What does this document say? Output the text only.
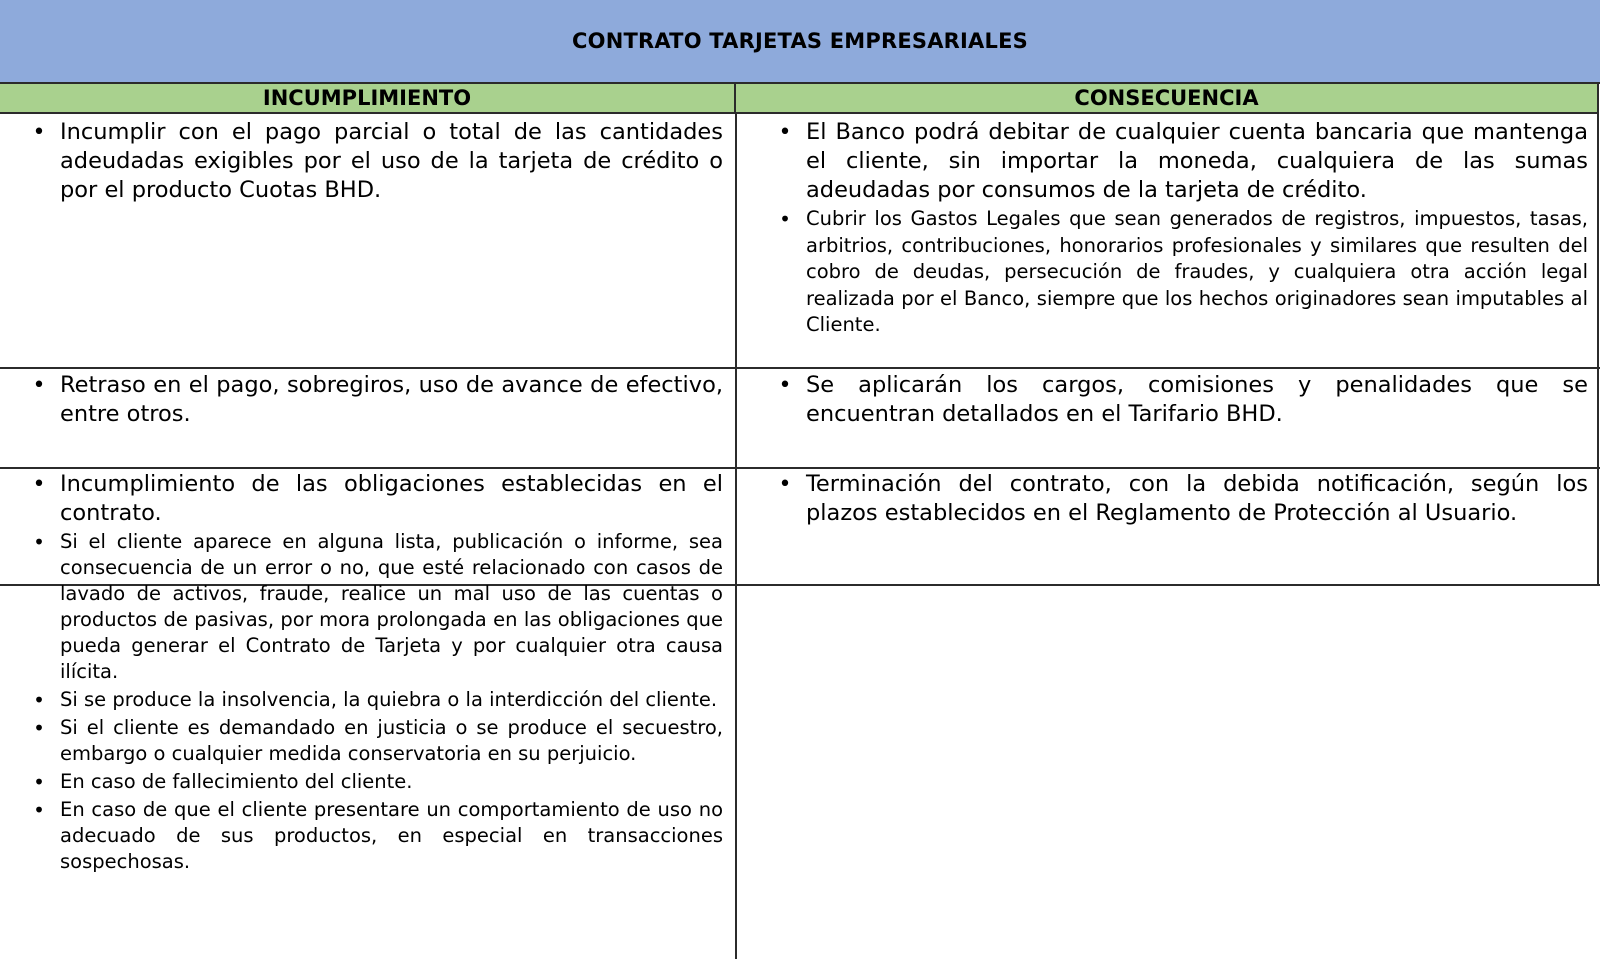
CONTRATO TARJETAS EMPRESARIALES
INCUMPLIMIENTO	CONSECUENCIA
• Incumplir con el pago parcial o total de las cantidades adeudadas exigibles por el uso de la tarjeta de crédito o por el producto Cuotas BHD.
• El Banco podrá debitar de cualquier cuenta bancaria que mantenga el cliente, sin importar la moneda, cualquiera de las sumas adeudadas por consumos de la tarjeta de crédito.
• Cubrir los Gastos Legales que sean generados de registros, impuestos, tasas, arbitrios, contribuciones, honorarios profesionales y similares que resulten del cobro de deudas, persecución de fraudes, y cualquiera otra acción legal realizada por el Banco, siempre que los hechos originadores sean imputables al Cliente.
• Retraso en el pago, sobregiros, uso de avance de efectivo, entre otros.
• Se aplicarán los cargos, comisiones y penalidades que se encuentran detallados en el Tarifario BHD.
• Incumplimiento de las obligaciones establecidas en el contrato.
• Si el cliente aparece en alguna lista, publicación o informe, sea consecuencia de un error o no, que esté relacionado con casos de lavado de activos, fraude, realice un mal uso de las cuentas o productos de pasivas, por mora prolongada en las obligaciones que pueda generar el Contrato de Tarjeta y por cualquier otra causa ilícita.
• Si se produce la insolvencia, la quiebra o la interdicción del cliente.
• Si el cliente es demandado en justicia o se produce el secuestro, embargo o cualquier medida conservatoria en su perjuicio.
• En caso de fallecimiento del cliente.
• En caso de que el cliente presentare un comportamiento de uso no adecuado de sus productos, en especial en transacciones sospechosas.
• Terminación del contrato, con la debida notificación, según los plazos establecidos en el Reglamento de Protección al Usuario.
